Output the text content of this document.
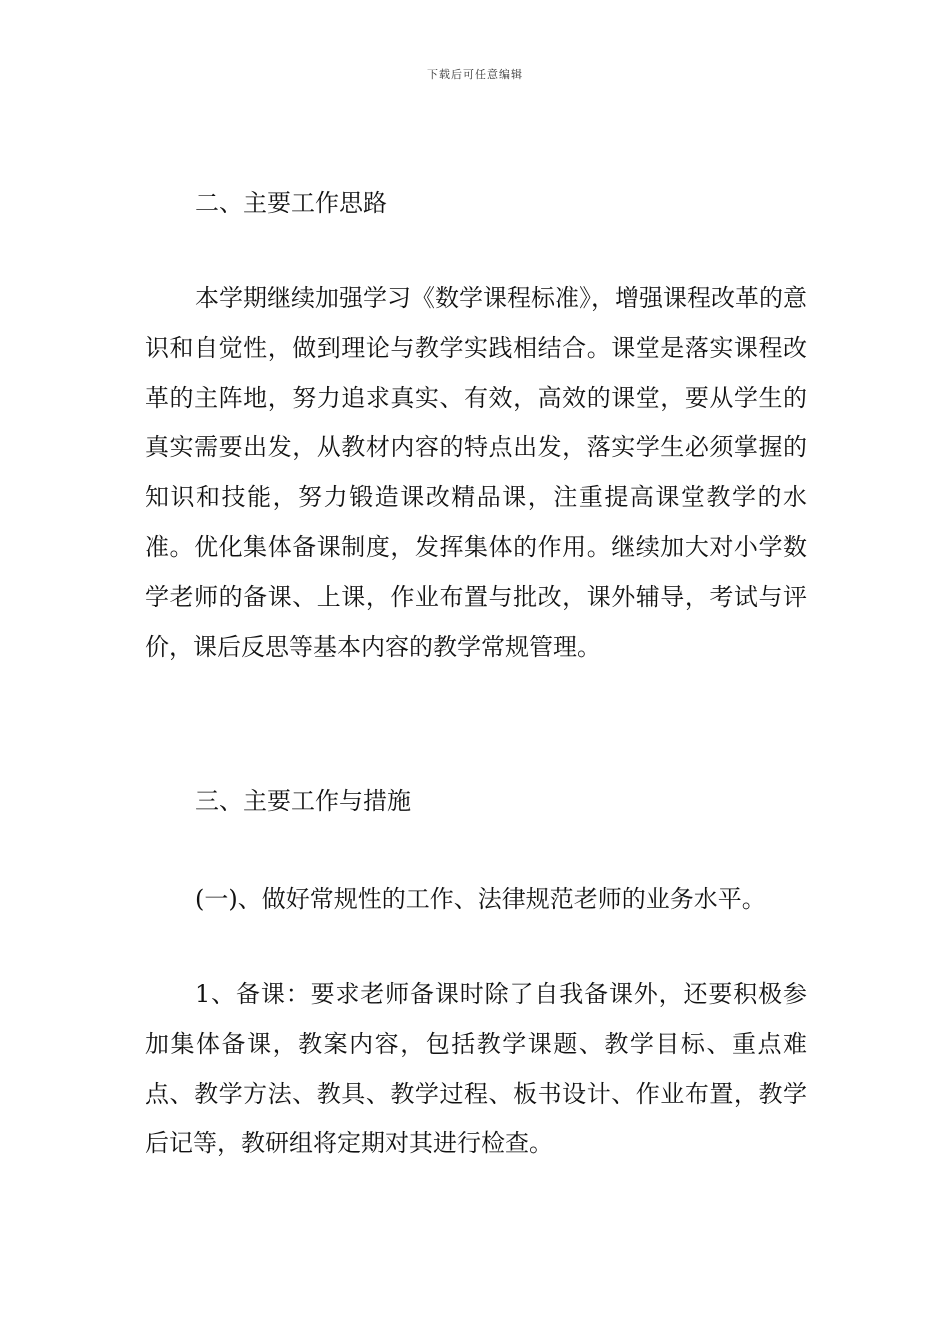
下载后可任意编辑
二、主要工作思路

本学期继续加强学习《数学课程标准》，增强课程改革的意识和自觉性，做到理论与教学实践相结合。课堂是落实课程改革的主阵地，努力追求真实、有效，高效的课堂，要从学生的真实需要出发，从教材内容的特点出发，落实学生必须掌握的知识和技能，努力锻造课改精品课，注重提高课堂教学的水准。优化集体备课制度，发挥集体的作用。继续加大对小学数学老师的备课、上课，作业布置与批改，课外辅导，考试与评价，课后反思等基本内容的教学常规管理。

三、主要工作与措施
(一)、做好常规性的工作、法律规范老师的业务水平。

1、备课：要求老师备课时除了自我备课外，还要积极参加集体备课，教案内容，包括教学课题、教学目标、重点难点、教学方法、教具、教学过程、板书设计、作业布置，教学后记等，教研组将定期对其进行检查。
